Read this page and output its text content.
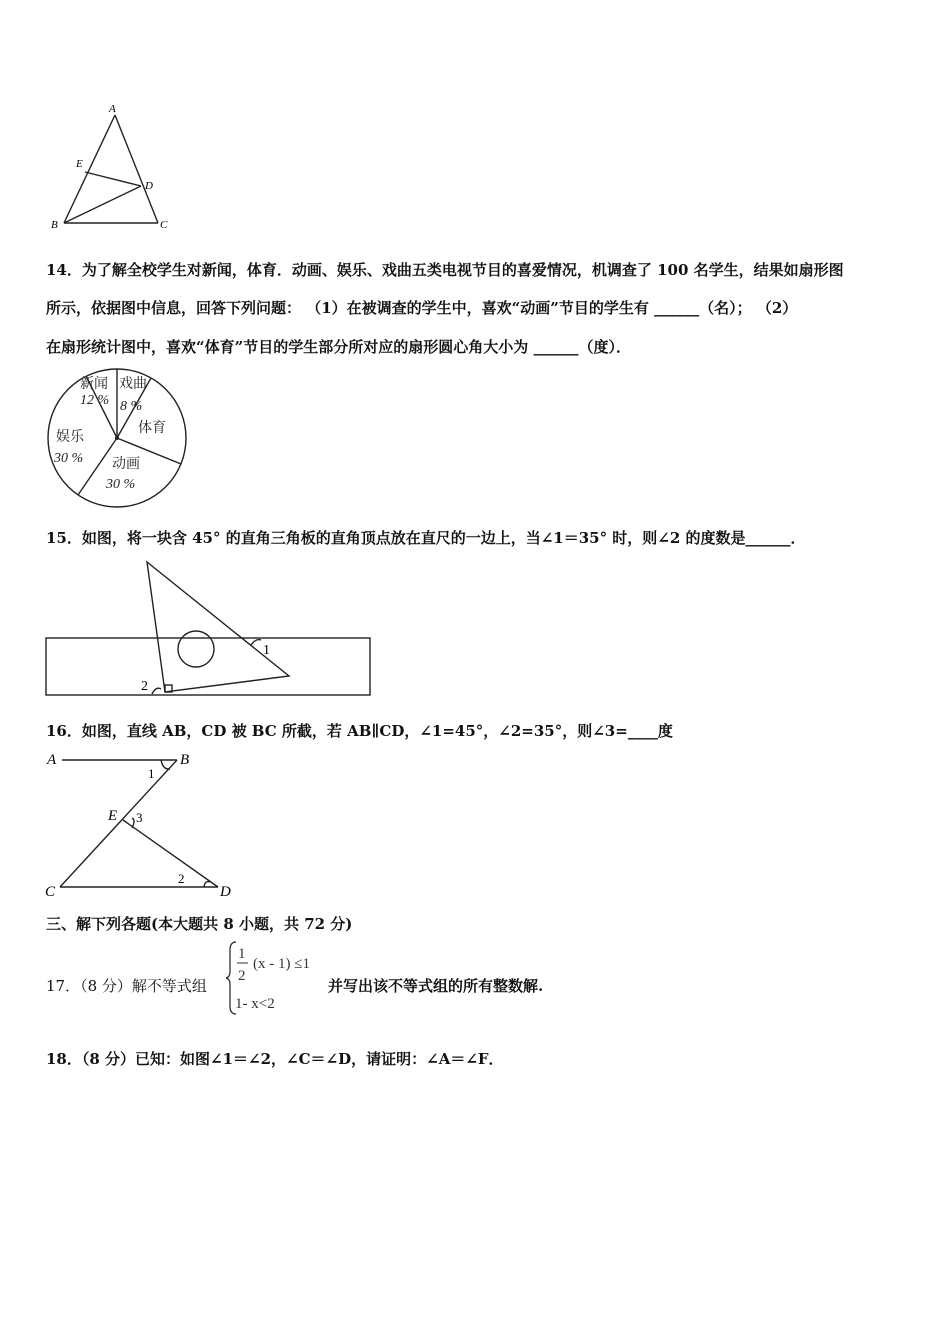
A
E
D
B	C
14．为了解全校学生对新闻，体育．动画、娱乐、戏曲五类电视节目的喜爱情况，机调查了 100 名学生，结果如扇形图
所示，依据图中信息，回答下列问题： （1）在被调查的学生中，喜欢“动画”节目的学生有 ______（名）； （2）
在扇形统计图中，喜欢“体育”节目的学生部分所对应的扇形圆心角大小为 ______（度）．
新闻
12 %
戏曲
8 %
体育
娱乐
30 % 动画
30 %
15．如图，将一块含 45° 的直角三角板的直角顶点放在直尺的一边上，当∠1＝35° 时，则∠2 的度数是______．
1
2
16．如图，直线 AB，CD 被 BC 所截，若 AB∥CD，∠1=45°，∠2=35°，则∠3=____度
A	B
E
C	D
1
2
3
三、解下列各题(本大题共 8 小题，共 72 分)
17．（8 分）解不等式组
1
2
(x - 1) ≤1
1- x<2
并写出该不等式组的所有整数解.
18．（8 分）已知：如图∠1＝∠2，∠C＝∠D，请证明：∠A＝∠F．
